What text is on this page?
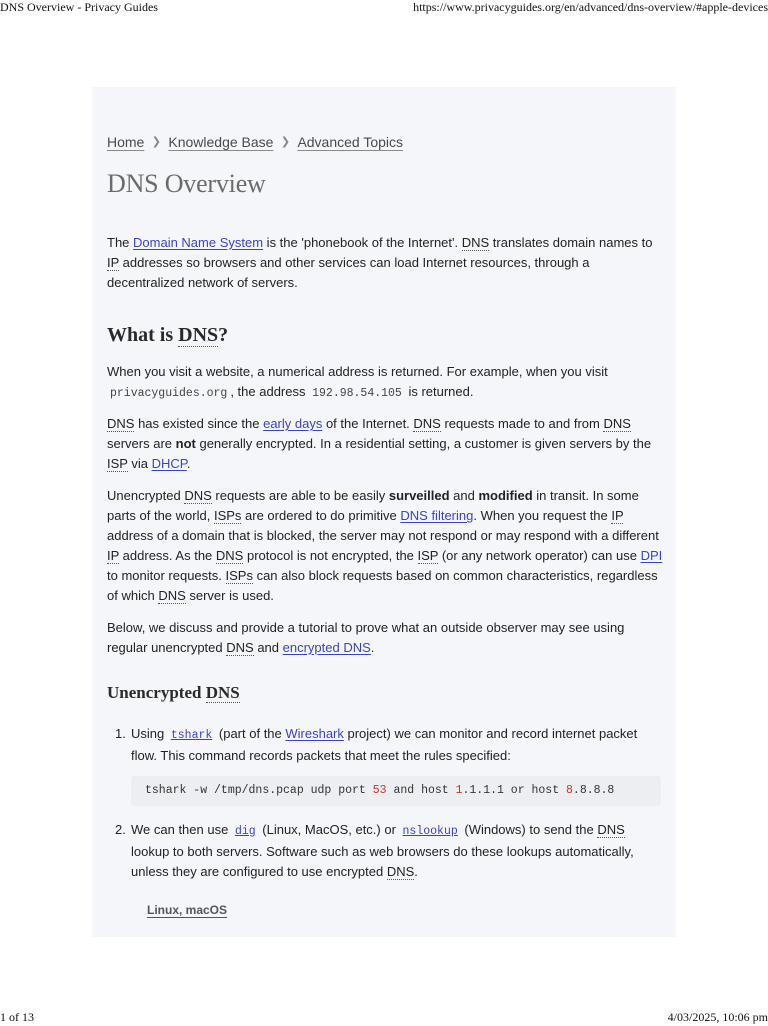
DNS Overview - Privacy Guides	https://www.privacyguides.org/en/advanced/dns-overview/#apple-devices
Home ❯ Knowledge Base ❯ Advanced Topics
DNS Overview

The Domain Name System is the 'phonebook of the Internet'. DNS translates domain names to IP addresses so browsers and other services can load Internet resources, through a decentralized network of servers.

What is DNS?

When you visit a website, a numerical address is returned. For example, when you visit privacyguides.org , the address 192.98.54.105 is returned.

DNS has existed since the early days of the Internet. DNS requests made to and from DNS servers are not generally encrypted. In a residential setting, a customer is given servers by the ISP via DHCP.

Unencrypted DNS requests are able to be easily surveilled and modified in transit. In some parts of the world, ISPs are ordered to do primitive DNS filtering. When you request the IP address of a domain that is blocked, the server may not respond or may respond with a different IP address. As the DNS protocol is not encrypted, the ISP (or any network operator) can use DPI to monitor requests. ISPs can also block requests based on common characteristics, regardless of which DNS server is used.

Below, we discuss and provide a tutorial to prove what an outside observer may see using regular unencrypted DNS and encrypted DNS.

Unencrypted DNS
1. Using tshark (part of the Wireshark project) we can monitor and record internet packet flow. This command records packets that meet the rules specified:
tshark -w /tmp/dns.pcap udp port 53 and host 1.1.1.1 or host 8.8.8.8
2. We can then use dig (Linux, MacOS, etc.) or nslookup (Windows) to send the DNS lookup to both servers. Software such as web browsers do these lookups automatically, unless they are configured to use encrypted DNS.
Linux, macOS
1 of 13	4/03/2025, 10:06 pm
